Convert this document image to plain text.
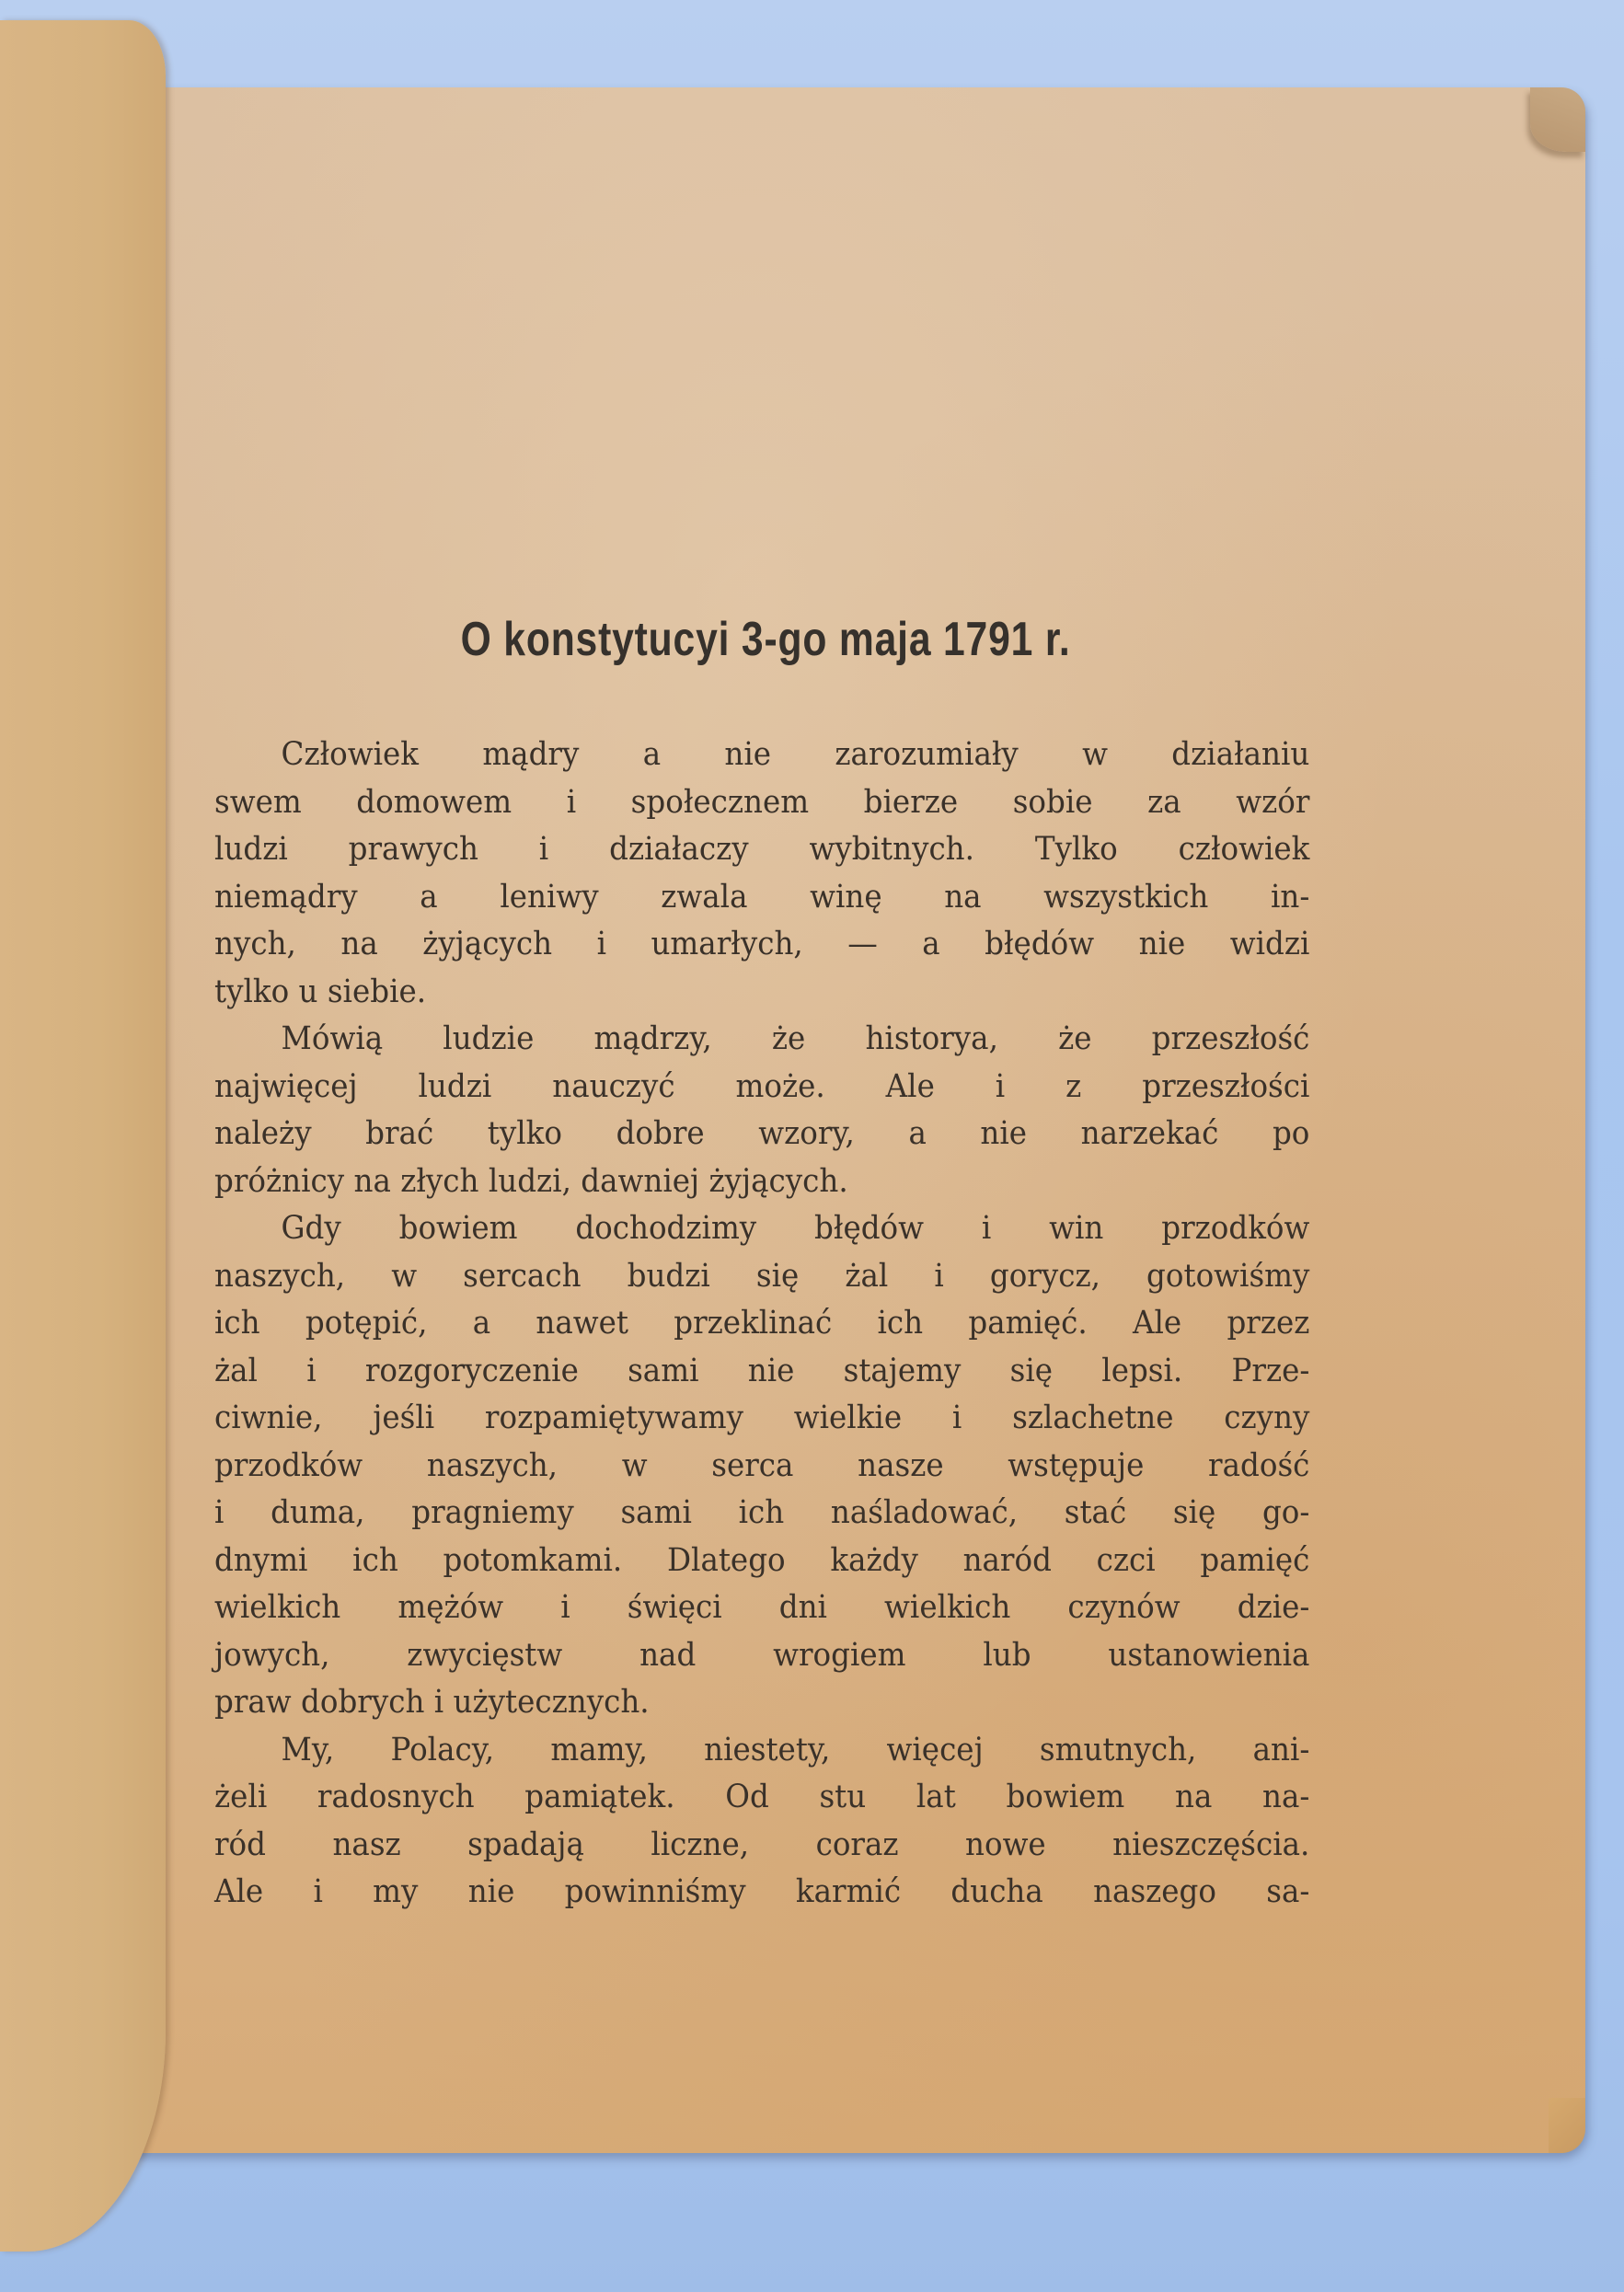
O konstytucyi 3-go maja 1791 r.

Człowiek mądry a nie zarozumiały w działaniu
swem domowem i społecznem bierze sobie za wzór
ludzi prawych i działaczy wybitnych. Tylko człowiek
niemądry a leniwy zwala winę na wszystkich in-
nych, na żyjących i umarłych, — a błędów nie widzi
tylko u siebie.

Mówią ludzie mądrzy, że historya, że przeszłość
najwięcej ludzi nauczyć może. Ale i z przeszłości
należy brać tylko dobre wzory, a nie narzekać po
próżnicy na złych ludzi, dawniej żyjących.

Gdy bowiem dochodzimy błędów i win przodków
naszych, w sercach budzi się żal i gorycz, gotowiśmy
ich potępić, a nawet przeklinać ich pamięć. Ale przez
żal i rozgoryczenie sami nie stajemy się lepsi. Prze-
ciwnie, jeśli rozpamiętywamy wielkie i szlachetne czyny
przodków naszych, w serca nasze wstępuje radość
i duma, pragniemy sami ich naśladować, stać się go-
dnymi ich potomkami. Dlatego każdy naród czci pamięć
wielkich mężów i święci dni wielkich czynów dzie-
jowych, zwycięstw nad wrogiem lub ustanowienia
praw dobrych i użytecznych.

My, Polacy, mamy, niestety, więcej smutnych, ani-
żeli radosnych pamiątek. Od stu lat bowiem na na-
ród nasz spadają liczne, coraz nowe nieszczęścia.
Ale i my nie powinniśmy karmić ducha naszego sa-
